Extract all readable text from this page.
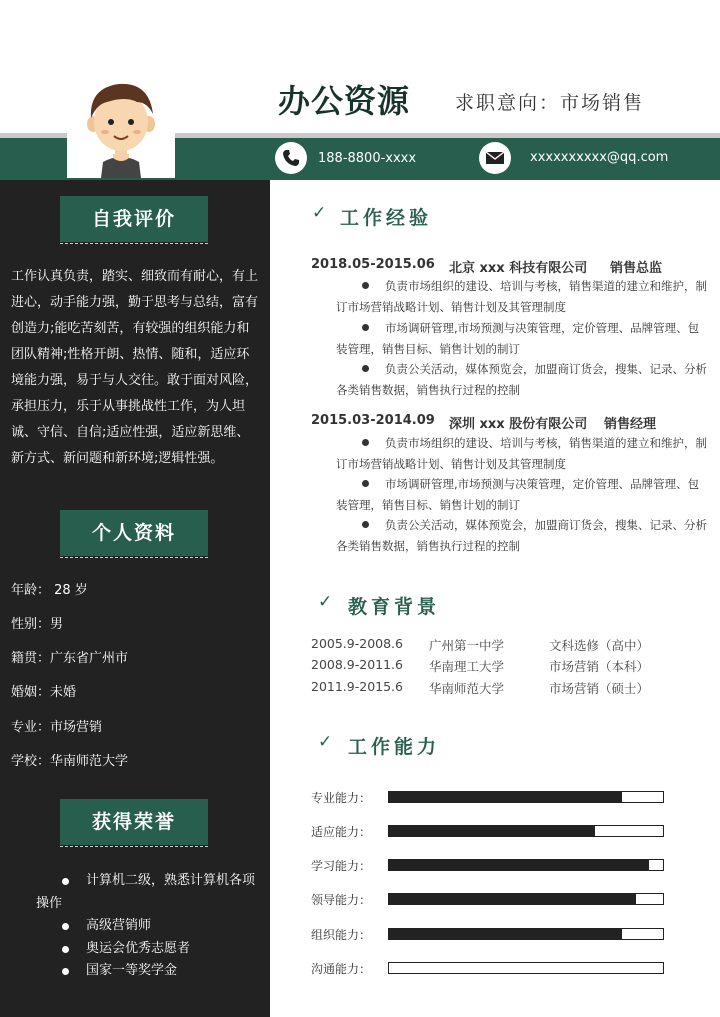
办公资源 求职意向：市场销售
188-8800-xxxx	xxxxxxxxxx@qq.com
自我评价
工作认真负责，踏实、细致而有耐心，有上进心，动手能力强，勤于思考与总结，富有创造力;能吃苦刻苦，有较强的组织能力和团队精神;性格开朗、热情、随和，适应环境能力强，易于与人交往。敢于面对风险，承担压力，乐于从事挑战性工作，为人坦诚、守信、自信;适应性强，适应新思维、新方式、新问题和新环境;逻辑性强。
个人资料
年龄： 28 岁
性别：男
籍贯：广东省广州市
婚姻：未婚
专业：市场营销
学校：华南师范大学
获得荣誉
计算机二级，熟悉计算机各项操作
高级营销师
奥运会优秀志愿者
国家一等奖学金
✓ 工作经验
2018.05-2015.06 北京 xxx 科技有限公司 销售总监
负责市场组织的建设、培训与考核，销售渠道的建立和维护，制订市场营销战略计划、销售计划及其管理制度
市场调研管理,市场预测与决策管理，定价管理、品牌管理、包装管理，销售目标、销售计划的制订
负责公关活动，媒体预览会，加盟商订货会，搜集、记录、分析各类销售数据，销售执行过程的控制
2015.03-2014.09 深圳 xxx 股份有限公司 销售经理
负责市场组织的建设、培训与考核，销售渠道的建立和维护，制订市场营销战略计划、销售计划及其管理制度
市场调研管理,市场预测与决策管理，定价管理、品牌管理、包装管理，销售目标、销售计划的制订
负责公关活动，媒体预览会，加盟商订货会，搜集、记录、分析各类销售数据，销售执行过程的控制
✓ 教育背景
2005.9-2008.6 广州第一中学	文科选修（高中）
2008.9-2011.6 华南理工大学	市场营销（本科）
2011.9-2015.6 华南师范大学	市场营销（硕士）
✓ 工作能力
专业能力：
适应能力：
学习能力：
领导能力：
组织能力：
沟通能力：
